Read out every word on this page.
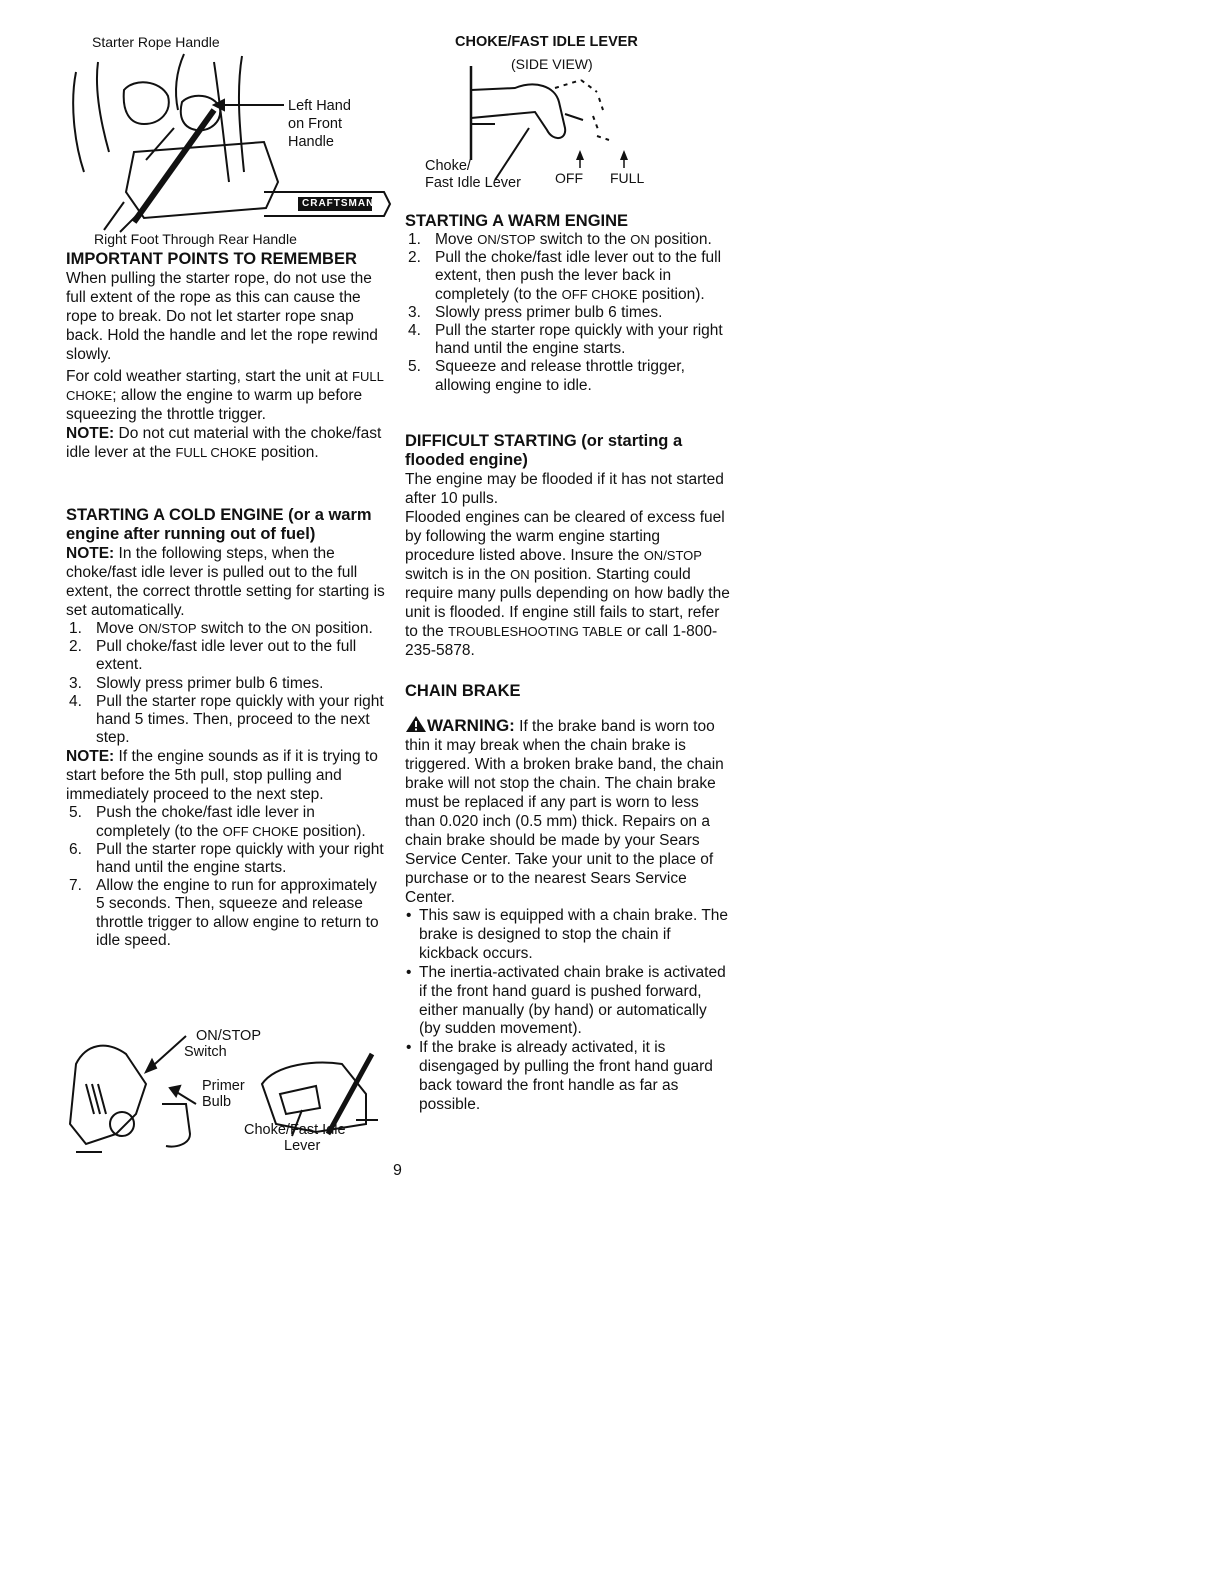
Starter Rope Handle
CRAFTSMAN
Left Hand
on Front
Handle

Right Foot Through Rear Handle

IMPORTANT POINTS TO REMEMBER

When pulling the starter rope, do not use the full extent of the rope as this can cause the rope to break. Do not let starter rope snap back. Hold the handle and let the rope rewind slowly.

For cold weather starting, start the unit at FULL CHOKE; allow the engine to warm up before squeezing the throttle trigger.

NOTE: Do not cut material with the choke/fast idle lever at the FULL CHOKE position.

STARTING A COLD ENGINE (or a warm engine after running out of fuel)

NOTE: In the following steps, when the choke/fast idle lever is pulled out to the full extent, the correct throttle setting for starting is set automatically.

1. Move ON/STOP switch to the ON position.
2. Pull choke/fast idle lever out to the full extent.
3. Slowly press primer bulb 6 times.
4. Pull the starter rope quickly with your right hand 5 times. Then, proceed to the next step.

NOTE: If the engine sounds as if it is trying to start before the 5th pull, stop pulling and immediately proceed to the next step.

5. Push the choke/fast idle lever in completely (to the OFF CHOKE position).
6. Pull the starter rope quickly with your right hand until the engine starts.
7. Allow the engine to run for approximately 5 seconds. Then, squeeze and release throttle trigger to allow engine to return to idle speed.
ON/STOP
Switch
Primer
Bulb
Choke/Fast Idle
Lever
CHOKE/FAST IDLE LEVER
(SIDE VIEW)
Choke/
Fast Idle Lever OFF FULL
STARTING A WARM ENGINE
1. Move ON/STOP switch to the ON position.
2. Pull the choke/fast idle lever out to the full extent, then push the lever back in completely (to the OFF CHOKE position).
3. Slowly press primer bulb 6 times.
4. Pull the starter rope quickly with your right hand until the engine starts.
5. Squeeze and release throttle trigger, allowing engine to idle.
DIFFICULT STARTING (or starting a flooded engine)

The engine may be flooded if it has not started after 10 pulls.

Flooded engines can be cleared of excess fuel by following the warm engine starting procedure listed above. Insure the ON/STOP switch is in the ON position. Starting could require many pulls depending on how badly the unit is flooded. If engine still fails to start, refer to the TROUBLESHOOTING TABLE or call 1-800-235-5878.

CHAIN BRAKE

WARNING: If the brake band is worn too thin it may break when the chain brake is triggered. With a broken brake band, the chain brake will not stop the chain. The chain brake must be replaced if any part is worn to less than 0.020 inch (0.5 mm) thick. Repairs on a chain brake should be made by your Sears Service Center. Take your unit to the place of purchase or to the nearest Sears Service Center.

• This saw is equipped with a chain brake. The brake is designed to stop the chain if kickback occurs.
• The inertia-activated chain brake is activated if the front hand guard is pushed forward, either manually (by hand) or automatically (by sudden movement).
• If the brake is already activated, it is disengaged by pulling the front hand guard back toward the front handle as far as possible.
9
